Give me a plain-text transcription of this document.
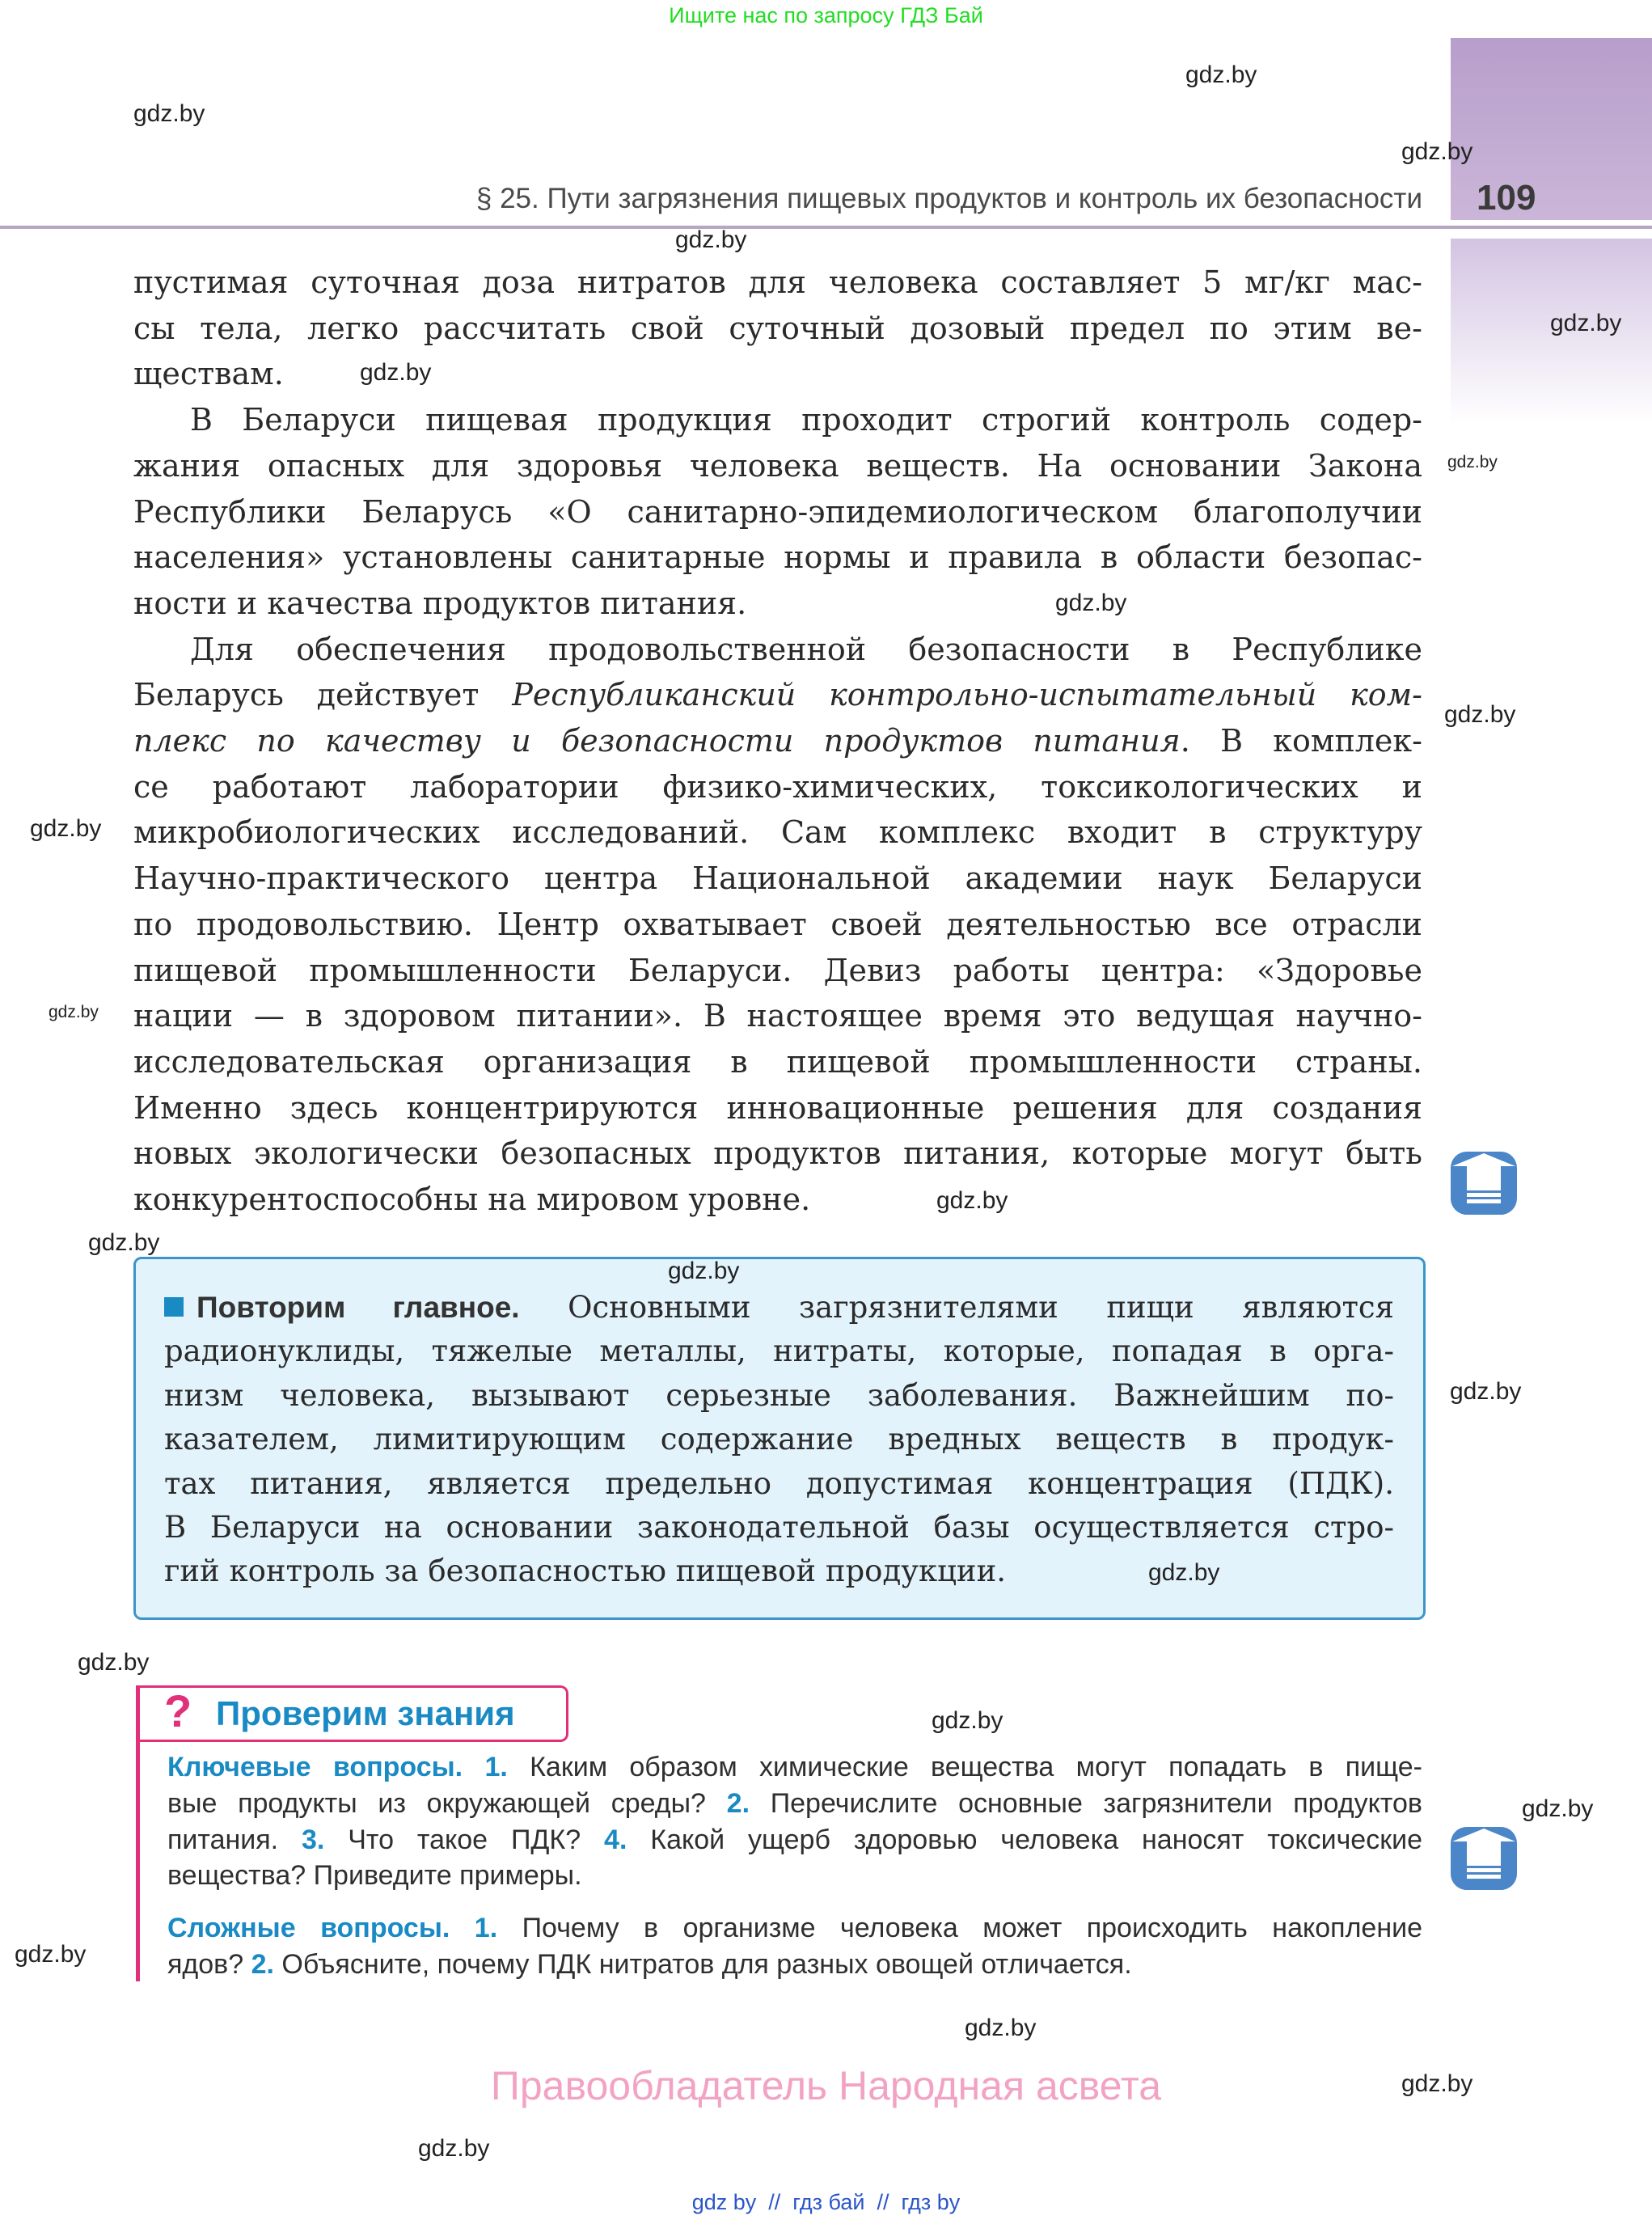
Ищите нас по запросу ГДЗ Бай
§ 25. Пути загрязнения пищевых продуктов и контроль их безопасности 109
пустимая суточная доза нитратов для человека составляет 5 мг/кг мас-
сы тела, легко рассчитать свой суточный дозовый предел по этим ве-
ществам.
В Беларуси пищевая продукция проходит строгий контроль содер-
жания опасных для здоровья человека веществ. На основании Закона
Республики Беларусь «О санитарно-эпидемиологическом благополучии
населения» установлены санитарные нормы и правила в области безопас-
ности и качества продуктов питания.
Для обеспечения продовольственной безопасности в Республике
Беларусь действует Республиканский контрольно-испытательный ком-
плекс по качеству и безопасности продуктов питания. В комплек-
се работают лаборатории физико-химических, токсикологических и
микробиологических исследований. Сам комплекс входит в структуру
Научно-практического центра Национальной академии наук Беларуси
по продовольствию. Центр охватывает своей деятельностью все отрасли
пищевой промышленности Беларуси. Девиз работы центра: «Здоровье
нации — в здоровом питании». В настоящее время это ведущая научно-
исследовательская организация в пищевой промышленности страны.
Именно здесь концентрируются инновационные решения для создания
новых экологически безопасных продуктов питания, которые могут быть
конкурентоспособны на мировом уровне.
Повторим главное. Основными загрязнителями пищи являются
радионуклиды, тяжелые металлы, нитраты, которые, попадая в орга-
низм человека, вызывают серьезные заболевания. Важнейшим по-
казателем, лимитирующим содержание вредных веществ в продук-
тах питания, является предельно допустимая концентрация (ПДК).
В Беларуси на основании законодательной базы осуществляется стро-
гий контроль за безопасностью пищевой продукции.
? Проверим знания
Ключевые вопросы. 1. Каким образом химические вещества могут попадать в пище-
вые продукты из окружающей среды? 2. Перечислите основные загрязнители продуктов
питания. 3. Что такое ПДК? 4. Какой ущерб здоровью человека наносят токсические
вещества? Приведите примеры.
Сложные вопросы. 1. Почему в организме человека может происходить накопление
ядов? 2. Объясните, почему ПДК нитратов для разных овощей отличается.
Правообладатель Народная асвета
gdz by  //  гдз бай  //  гдз by
gdz.by
gdz.by
gdz.by
gdz.by
gdz.by
gdz.by
gdz.by
gdz.by
gdz.by
gdz.by
gdz.by
gdz.by
gdz.by
gdz.by
gdz.by
gdz.by
gdz.by
gdz.by
gdz.by
gdz.by
gdz.by
gdz.by
gdz.by
